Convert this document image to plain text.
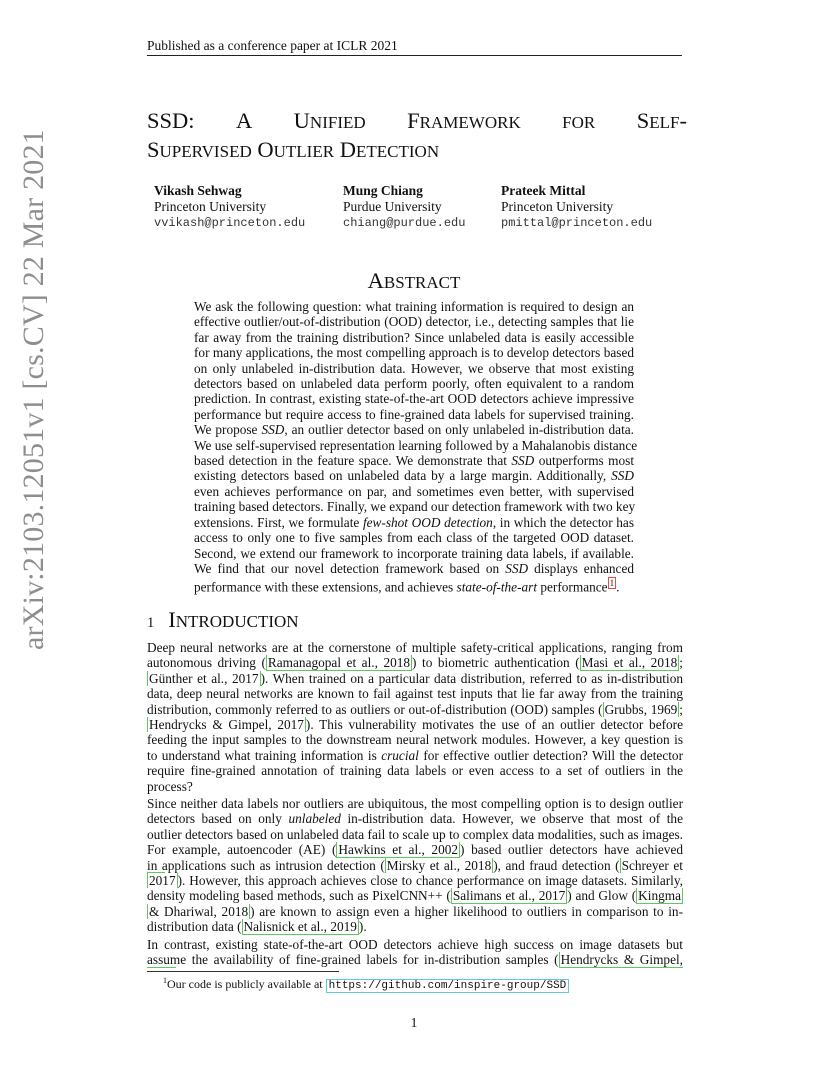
Published as a conference paper at ICLR 2021
arXiv:2103.12051v1 [cs.CV] 22 Mar 2021
SSD: A UNIFIED FRAMEWORK FOR SELF-
SUPERVISED OUTLIER DETECTION
Vikash Sehwag
Princeton University
vvikash@princeton.edu
Mung Chiang
Purdue University
chiang@purdue.edu
Prateek Mittal
Princeton University
pmittal@princeton.edu
ABSTRACT
We ask the following question: what training information is required to design an
effective outlier/out-of-distribution (OOD) detector, i.e., detecting samples that lie
far away from the training distribution? Since unlabeled data is easily accessible
for many applications, the most compelling approach is to develop detectors based
on only unlabeled in-distribution data. However, we observe that most existing
detectors based on unlabeled data perform poorly, often equivalent to a random
prediction. In contrast, existing state-of-the-art OOD detectors achieve impressive
performance but require access to fine-grained data labels for supervised training.
We propose SSD, an outlier detector based on only unlabeled in-distribution data.
We use self-supervised representation learning followed by a Mahalanobis distance
based detection in the feature space. We demonstrate that SSD outperforms most
existing detectors based on unlabeled data by a large margin. Additionally, SSD
even achieves performance on par, and sometimes even better, with supervised
training based detectors. Finally, we expand our detection framework with two key
extensions. First, we formulate few-shot OOD detection, in which the detector has
access to only one to five samples from each class of the targeted OOD dataset.
Second, we extend our framework to incorporate training data labels, if available.
We find that our novel detection framework based on SSD displays enhanced
performance with these extensions, and achieves state-of-the-art performance $^1$ .
1 INTRODUCTION
Deep neural networks are at the cornerstone of multiple safety-critical applications, ranging from
autonomous driving ( Ramanagopal et al., 2018 ) to biometric authentication ( Masi et al., 2018 ;
Günther et al., 2017 ). When trained on a particular data distribution, referred to as in-distribution
data, deep neural networks are known to fail against test inputs that lie far away from the training
distribution, commonly referred to as outliers or out-of-distribution (OOD) samples ( Grubbs, 1969 ;
Hendrycks & Gimpel, 2017 ). This vulnerability motivates the use of an outlier detector before
feeding the input samples to the downstream neural network modules. However, a key question is
to understand what training information is crucial for effective outlier detection? Will the detector
require fine-grained annotation of training data labels or even access to a set of outliers in the
process?
Since neither data labels nor outliers are ubiquitous, the most compelling option is to design outlier
detectors based on only unlabeled in-distribution data. However, we observe that most of the
outlier detectors based on unlabeled data fail to scale up to complex data modalities, such as images.
For example, autoencoder (AE) ( Hawkins et al., 2002 ) based outlier detectors have achieved
in applications such as intrusion detection ( Mirsky et al., 2018 ), and fraud detection ( Schreyer et
2017 ). However, this approach achieves close to chance performance on image datasets. Similarly,
density modeling based methods, such as PixelCNN++ ( Salimans et al., 2017 ) and Glow ( Kingma
& Dhariwal, 2018 ) are known to assign even a higher likelihood to outliers in comparison to in-
distribution data ( Nalisnick et al., 2019 ).
In contrast, existing state-of-the-art OOD detectors achieve high success on image datasets but
assume the availability of fine-grained labels for in-distribution samples ( Hendrycks & Gimpel,
$^1$Our code is publicly available at https://github.com/inspire-group/SSD
1
